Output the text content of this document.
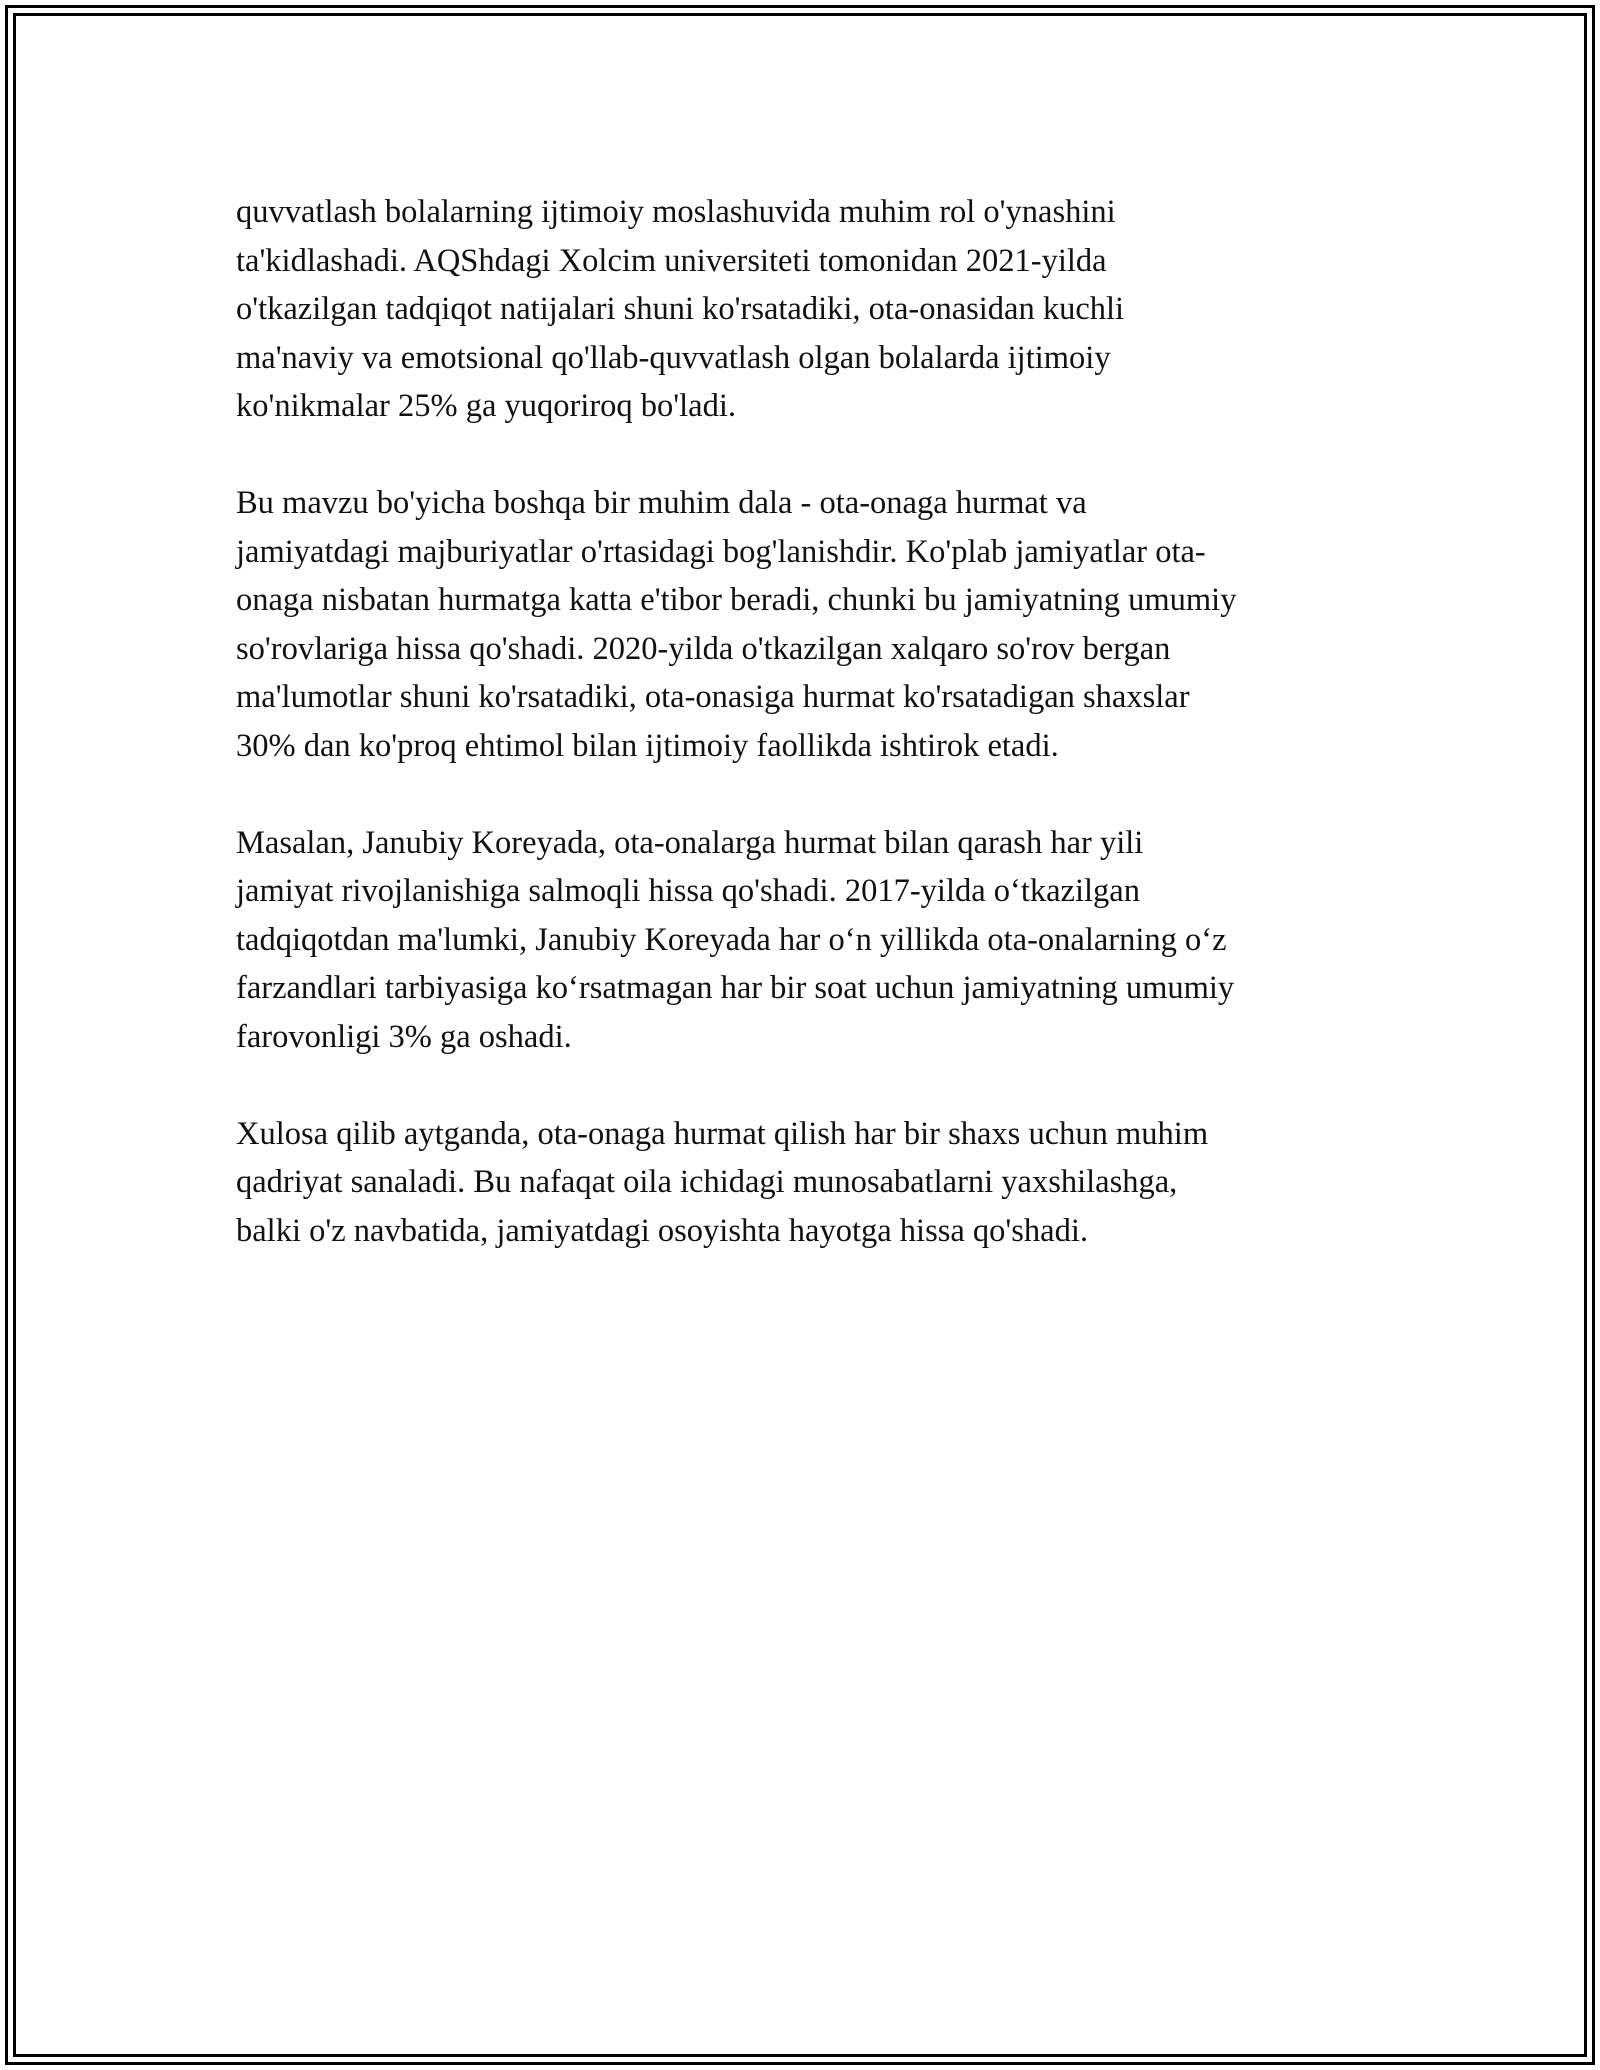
quvvatlash bolalarning ijtimoiy moslashuvida muhim rol o'ynashini
ta'kidlashadi. AQShdagi Xolcim universiteti tomonidan 2021-yilda
o'tkazilgan tadqiqot natijalari shuni ko'rsatadiki, ota-onasidan kuchli
ma'naviy va emotsional qo'llab-quvvatlash olgan bolalarda ijtimoiy
ko'nikmalar 25% ga yuqoriroq bo'ladi.
Bu mavzu bo'yicha boshqa bir muhim dala - ota-onaga hurmat va
jamiyatdagi majburiyatlar o'rtasidagi bog'lanishdir. Ko'plab jamiyatlar ota-
onaga nisbatan hurmatga katta e'tibor beradi, chunki bu jamiyatning umumiy
so'rovlariga hissa qo'shadi. 2020-yilda o'tkazilgan xalqaro so'rov bergan
ma'lumotlar shuni ko'rsatadiki, ota-onasiga hurmat ko'rsatadigan shaxslar
30% dan ko'proq ehtimol bilan ijtimoiy faollikda ishtirok etadi.
Masalan, Janubiy Koreyada, ota-onalarga hurmat bilan qarash har yili
jamiyat rivojlanishiga salmoqli hissa qo'shadi. 2017-yilda o‘tkazilgan
tadqiqotdan ma'lumki, Janubiy Koreyada har o‘n yillikda ota-onalarning o‘z
farzandlari tarbiyasiga ko‘rsatmagan har bir soat uchun jamiyatning umumiy
farovonligi 3% ga oshadi.
Xulosa qilib aytganda, ota-onaga hurmat qilish har bir shaxs uchun muhim
qadriyat sanaladi. Bu nafaqat oila ichidagi munosabatlarni yaxshilashga,
balki o'z navbatida, jamiyatdagi osoyishta hayotga hissa qo'shadi.
